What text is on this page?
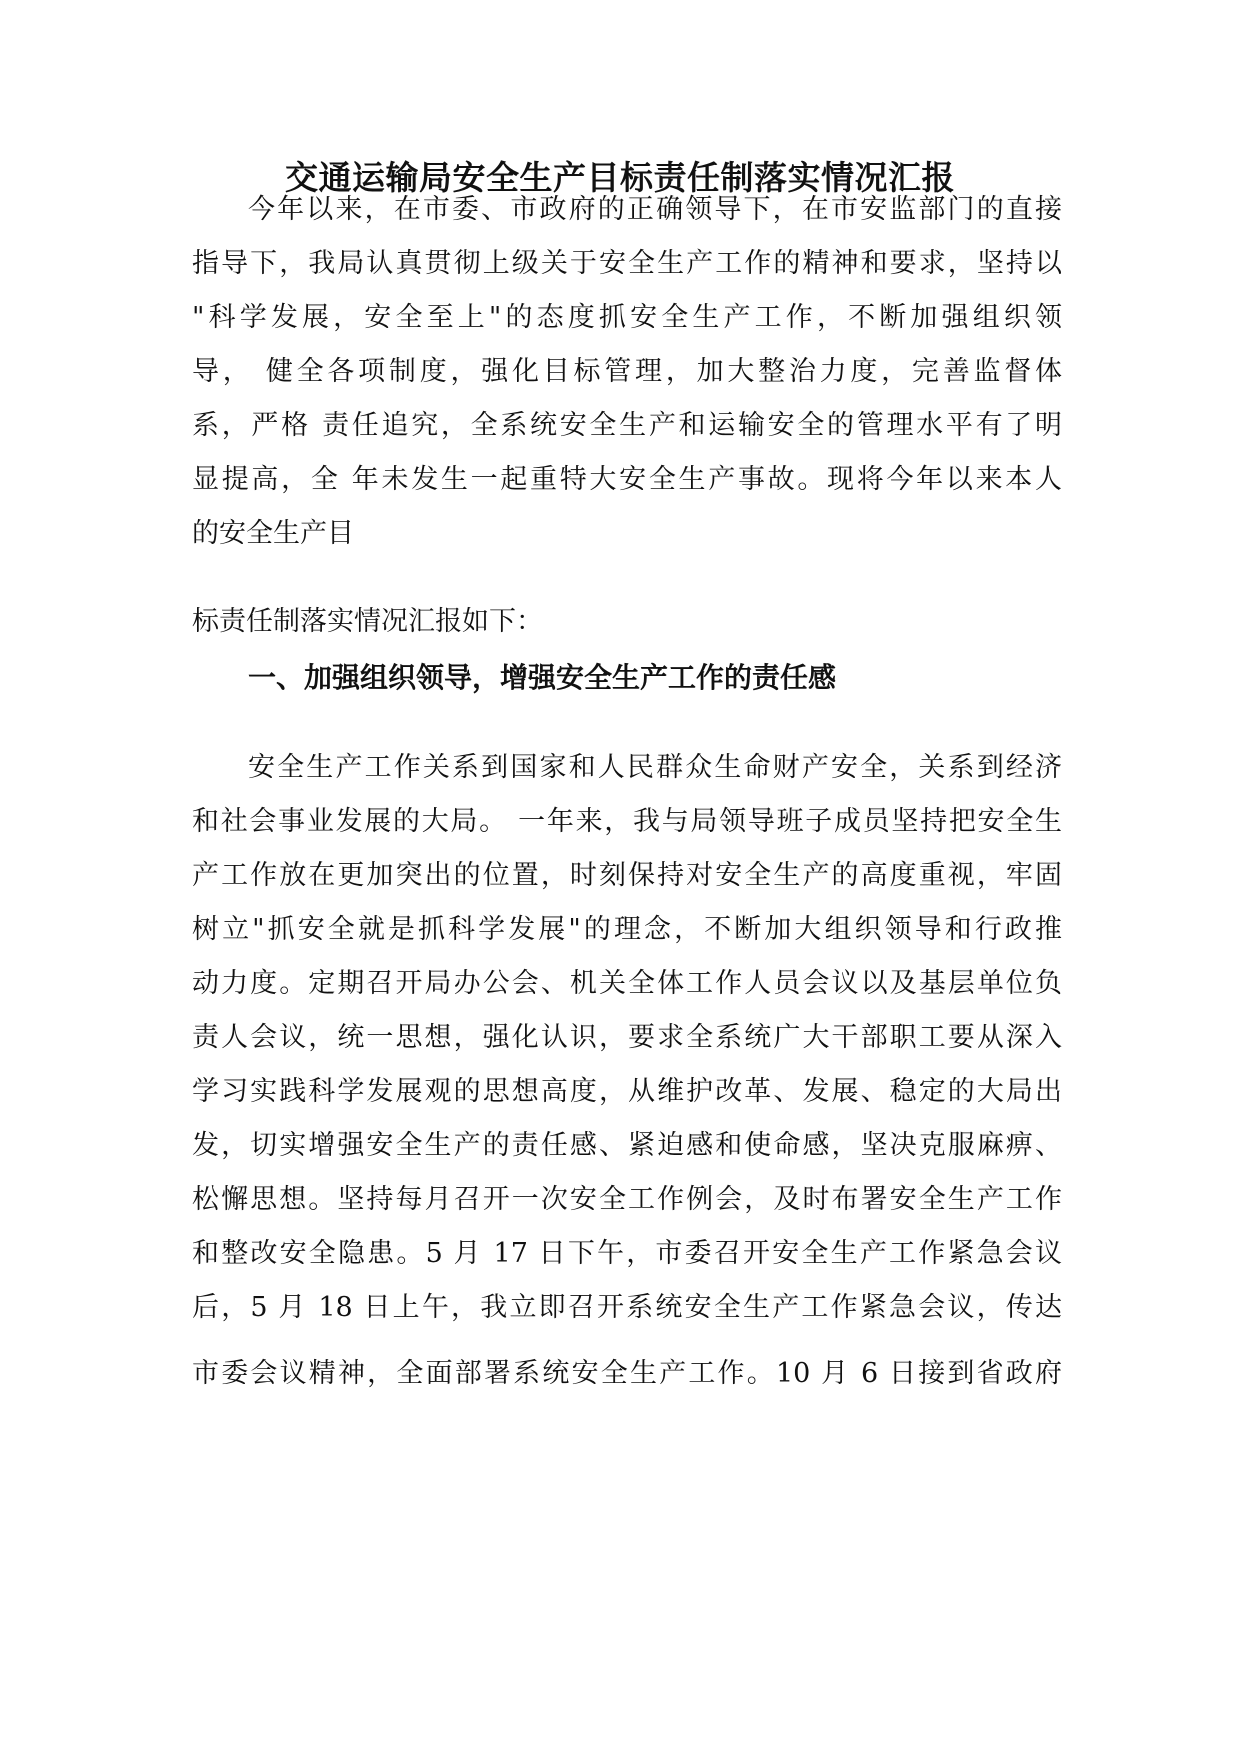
交通运输局安全生产目标责任制落实情况汇报
今年以来，在市委、市政府的正确领导下，在市安监部门的直接
指导下，我局认真贯彻上级关于安全生产工作的精神和要求，坚持以
"科学发展，安全至上"的态度抓安全生产工作，不断加强组织领
导， 健全各项制度，强化目标管理，加大整治力度，完善监督体
系，严格 责任追究，全系统安全生产和运输安全的管理水平有了明
显提高，全 年未发生一起重特大安全生产事故。现将今年以来本人
的安全生产目
标责任制落实情况汇报如下：
一、加强组织领导，增强安全生产工作的责任感
安全生产工作关系到国家和人民群众生命财产安全，关系到经济
和社会事业发展的大局。 一年来，我与局领导班子成员坚持把安全生
产工作放在更加突出的位置，时刻保持对安全生产的高度重视，牢固
树立"抓安全就是抓科学发展"的理念，不断加大组织领导和行政推
动力度。定期召开局办公会、机关全体工作人员会议以及基层单位负
责人会议，统一思想，强化认识，要求全系统广大干部职工要从深入
学习实践科学发展观的思想高度，从维护改革、发展、稳定的大局出
发，切实增强安全生产的责任感、紧迫感和使命感，坚决克服麻痹、
松懈思想。坚持每月召开一次安全工作例会，及时布署安全生产工作
和整改安全隐患。5 月 17 日下午，市委召开安全生产工作紧急会议
后，5 月 18 日上午，我立即召开系统安全生产工作紧急会议，传达
市委会议精神，全面部署系统安全生产工作。10 月 6 日接到省政府
